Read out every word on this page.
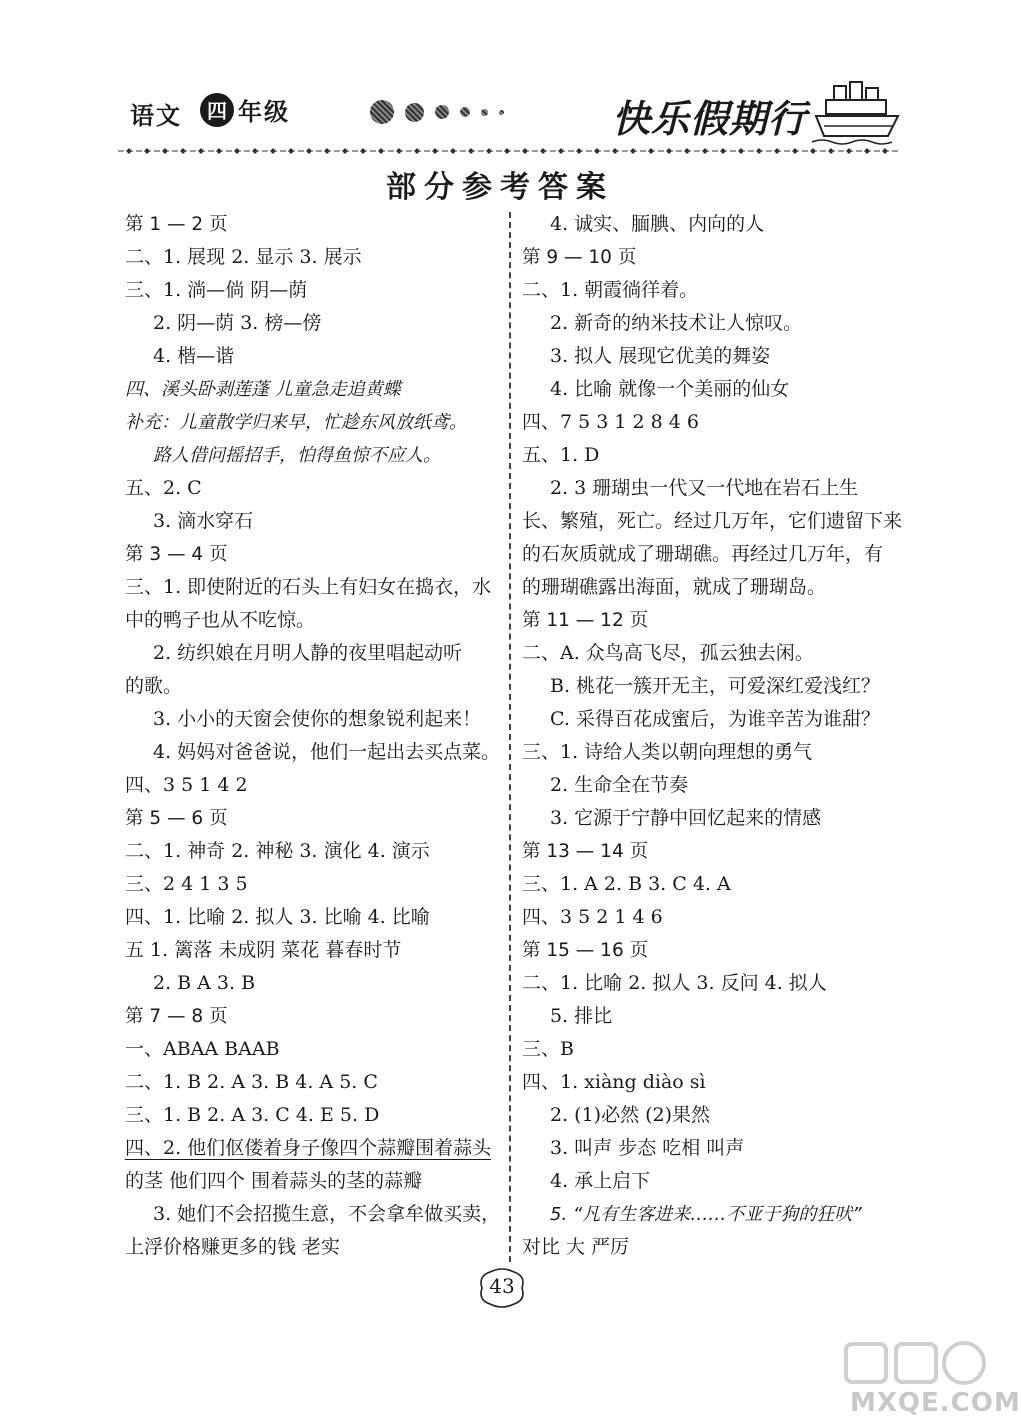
语文	四 年级	快乐假期行
部分参考答案
第 1 — 2 页
二、1. 展现 2. 显示 3. 展示
三、1. 淌—倘 阴—荫
2. 阴—荫 3. 榜—傍
4. 楷—谐
四、溪头卧剥莲蓬 儿童急走追黄蝶
补充：儿童散学归来早，忙趁东风放纸鸢。
路人借问摇招手，怕得鱼惊不应人。
五、2. C
3. 滴水穿石
第 3 — 4 页
三、1. 即使附近的石头上有妇女在捣衣，水
中的鸭子也从不吃惊。
2. 纺织娘在月明人静的夜里唱起动听
的歌。
3. 小小的天窗会使你的想象锐利起来！
4. 妈妈对爸爸说，他们一起出去买点菜。
四、3 5 1 4 2
第 5 — 6 页
二、1. 神奇 2. 神秘 3. 演化 4. 演示
三、2 4 1 3 5
四、1. 比喻 2. 拟人 3. 比喻 4. 比喻
五 1. 篱落 未成阴 菜花 暮春时节
2. B A 3. B
第 7 — 8 页
一、ABAA BAAB
二、1. B 2. A 3. B 4. A 5. C
三、1. B 2. A 3. C 4. E 5. D
四、2. 他们伛偻着身子像四个蒜瓣围着蒜头
的茎 他们四个 围着蒜头的茎的蒜瓣
3. 她们不会招揽生意，不会拿牟做买卖，
上浮价格赚更多的钱 老实
4. 诚实、腼腆、内向的人
第 9 — 10 页
二、1. 朝霞徜徉着。
2. 新奇的纳米技术让人惊叹。
3. 拟人 展现它优美的舞姿
4. 比喻 就像一个美丽的仙女
四、7 5 3 1 2 8 4 6
五、1. D
2. 3 珊瑚虫一代又一代地在岩石上生
长、繁殖，死亡。经过几万年，它们遗留下来
的石灰质就成了珊瑚礁。再经过几万年，有
的珊瑚礁露出海面，就成了珊瑚岛。
第 11 — 12 页
二、A. 众鸟高飞尽，孤云独去闲。
B. 桃花一簇开无主，可爱深红爱浅红？
C. 采得百花成蜜后，为谁辛苦为谁甜？
三、1. 诗给人类以朝向理想的勇气
2. 生命全在节奏
3. 它源于宁静中回忆起来的情感
第 13 — 14 页
三、1. A 2. B 3. C 4. A
四、3 5 2 1 4 6
第 15 — 16 页
二、1. 比喻 2. 拟人 3. 反问 4. 拟人
5. 排比
三、B
四、1. xiàng diào sì
2. (1)必然 (2)果然
3. 叫声 步态 吃相 叫声
4. 承上启下
5. “凡有生客进来……不亚于狗的狂吠”
对比 大 严厉
43
MXQE.COM
